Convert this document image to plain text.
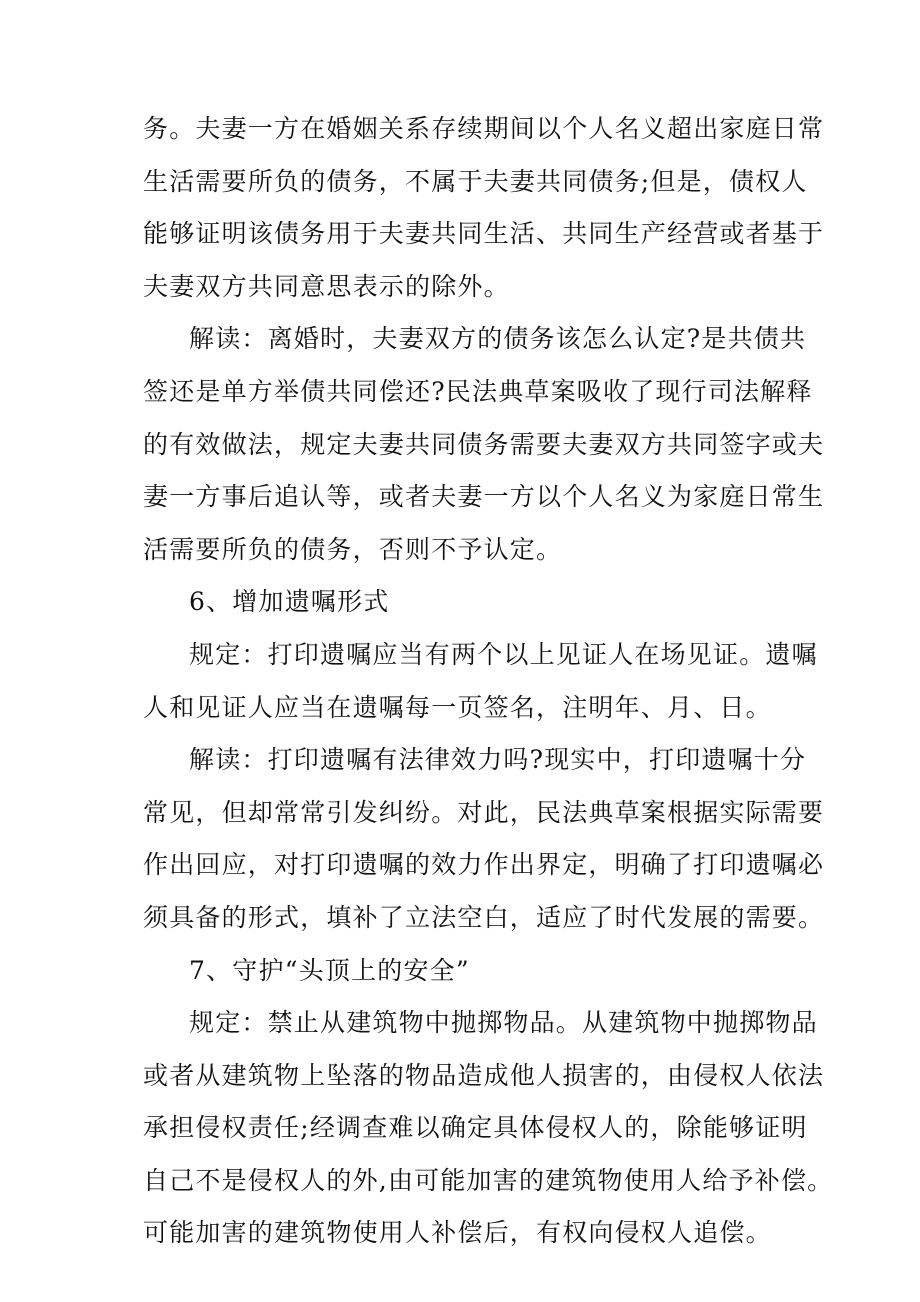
务。夫妻一方在婚姻关系存续期间以个人名义超出家庭日常
生活需要所负的债务，不属于夫妻共同债务;但是，债权人
能够证明该债务用于夫妻共同生活、共同生产经营或者基于
夫妻双方共同意思表示的除外。
解读：离婚时，夫妻双方的债务该怎么认定?是共债共
签还是单方举债共同偿还?民法典草案吸收了现行司法解释
的有效做法，规定夫妻共同债务需要夫妻双方共同签字或夫
妻一方事后追认等，或者夫妻一方以个人名义为家庭日常生
活需要所负的债务，否则不予认定。
6、增加遗嘱形式
规定：打印遗嘱应当有两个以上见证人在场见证。遗嘱
人和见证人应当在遗嘱每一页签名，注明年、月、日。
解读：打印遗嘱有法律效力吗?现实中，打印遗嘱十分
常见，但却常常引发纠纷。对此，民法典草案根据实际需要
作出回应，对打印遗嘱的效力作出界定，明确了打印遗嘱必
须具备的形式，填补了立法空白，适应了时代发展的需要。
7、守护“头顶上的安全”
规定：禁止从建筑物中抛掷物品。从建筑物中抛掷物品
或者从建筑物上坠落的物品造成他人损害的，由侵权人依法
承担侵权责任;经调查难以确定具体侵权人的，除能够证明
自己不是侵权人的外,由可能加害的建筑物使用人给予补偿。
可能加害的建筑物使用人补偿后，有权向侵权人追偿。
